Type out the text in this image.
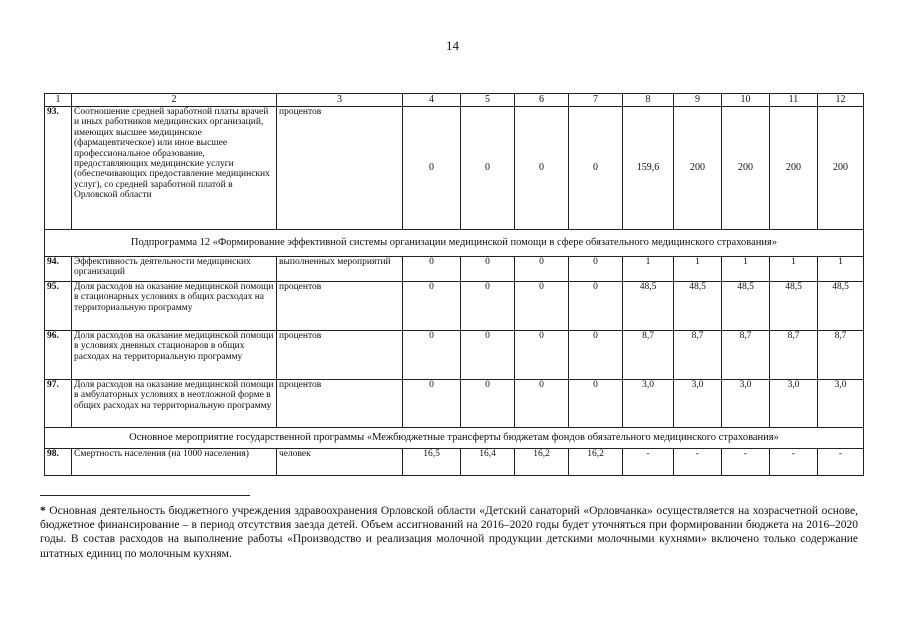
14
1	2	3	4	5	6	7	8	9	10	11	12
93.	Соотношение средней заработной платы врачей и иных работников медицинских организаций, имеющих высшее медицинское (фармацевтическое) или иное высшее профессиональное образование, предоставляющих медицинские услуги (обеспечивающих предоставление медицинских услуг), со средней заработной платой в Орловской области	процентов	0	0	0	0	159,6	200	200	200	200
Подпрограмма 12 «Формирование эффективной системы организации медицинской помощи в сфере обязательного медицинского страхования»											
94.	Эффективность деятельности медицинских организаций	выполненных мероприятий	0	0	0	0	1	1	1	1	1
95.	Доля расходов на оказание медицинской помощи в стационарных условиях в общих расходах на территориальную программу	процентов	0	0	0	0	48,5	48,5	48,5	48,5	48,5
96.	Доля расходов на оказание медицинской помощи в условиях дневных стационаров в общих расходах на территориальную программу	процентов	0	0	0	0	8,7	8,7	8,7	8,7	8,7
97.	Доля расходов на оказание медицинской помощи в амбулаторных условиях в неотложной форме в общих расходах на территориальную программу	процентов	0	0	0	0	3,0	3,0	3,0	3,0	3,0
Основное мероприятие государственной программы «Межбюджетные трансферты бюджетам фондов обязательного медицинского страхования»											
98.	Смертность населения (на 1000 населения)	человек	16,5	16,4	16,2	16,2	-	-	-	-	-
* Основная деятельность бюджетного учреждения здравоохранения Орловской области «Детский санаторий «Орловчанка» осуществляется на хозрасчетной основе, бюджетное финансирование – в период отсутствия заезда детей. Объем ассигнований на 2016–2020 годы будет уточняться при формировании бюджета на 2016–2020 годы. В состав расходов на выполнение работы «Производство и реализация молочной продукции детскими молочными кухнями» включено только содержание штатных единиц по молочным кухням.
